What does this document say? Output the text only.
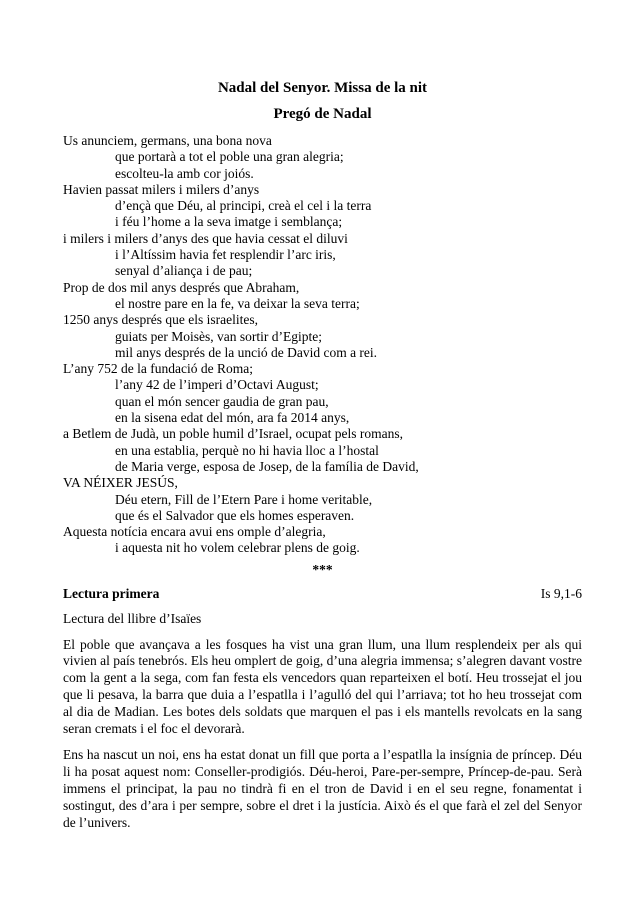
Nadal del Senyor. Missa de la nit
Pregó de Nadal
Us anunciem, germans, una bona nova
que portarà a tot el poble una gran alegria;
escolteu-la amb cor joiós.
Havien passat milers i milers d’anys
d’ençà que Déu, al principi, creà el cel i la terra
i féu l’home a la seva imatge i semblança;
i milers i milers d’anys des que havia cessat el diluvi
i l’Altíssim havia fet resplendir l’arc iris,
senyal d’aliança i de pau;
Prop de dos mil anys després que Abraham,
el nostre pare en la fe, va deixar la seva terra;
1250 anys després que els israelites,
guiats per Moisès, van sortir d’Egipte;
mil anys després de la unció de David com a rei.
L’any 752 de la fundació de Roma;
l’any 42 de l’imperi d’Octavi August;
quan el món sencer gaudia de gran pau,
en la sisena edat del món, ara fa 2014 anys,
a Betlem de Judà, un poble humil d’Israel, ocupat pels romans,
en una establia, perquè no hi havia lloc a l’hostal
de Maria verge, esposa de Josep, de la família de David,
VA NÉIXER JESÚS,
Déu etern, Fill de l’Etern Pare i home veritable,
que és el Salvador que els homes esperaven.
Aquesta notícia encara avui ens omple d’alegria,
i aquesta nit ho volem celebrar plens de goig.
***
Lectura primera	Is 9,1-6
Lectura del llibre d’Isaïes

El poble que avançava a les fosques ha vist una gran llum, una llum resplendeix per als qui vivien al país tenebrós. Els heu omplert de goig, d’una alegria immensa; s’alegren davant vostre com la gent a la sega, com fan festa els vencedors quan reparteixen el botí. Heu trossejat el jou que li pesava, la barra que duia a l’espatlla i l’agulló del qui l’arriava; tot ho heu trossejat com al dia de Madian. Les botes dels soldats que marquen el pas i els mantells revolcats en la sang seran cremats i el foc el devorarà.

Ens ha nascut un noi, ens ha estat donat un fill que porta a l’espatlla la insígnia de príncep. Déu li ha posat aquest nom: Conseller-prodigiós. Déu-heroi, Pare-per-sempre, Príncep-de-pau. Serà immens el principat, la pau no tindrà fi en el tron de David i en el seu regne, fonamentat i sostingut, des d’ara i per sempre, sobre el dret i la justícia. Això és el que farà el zel del Senyor de l’univers.
